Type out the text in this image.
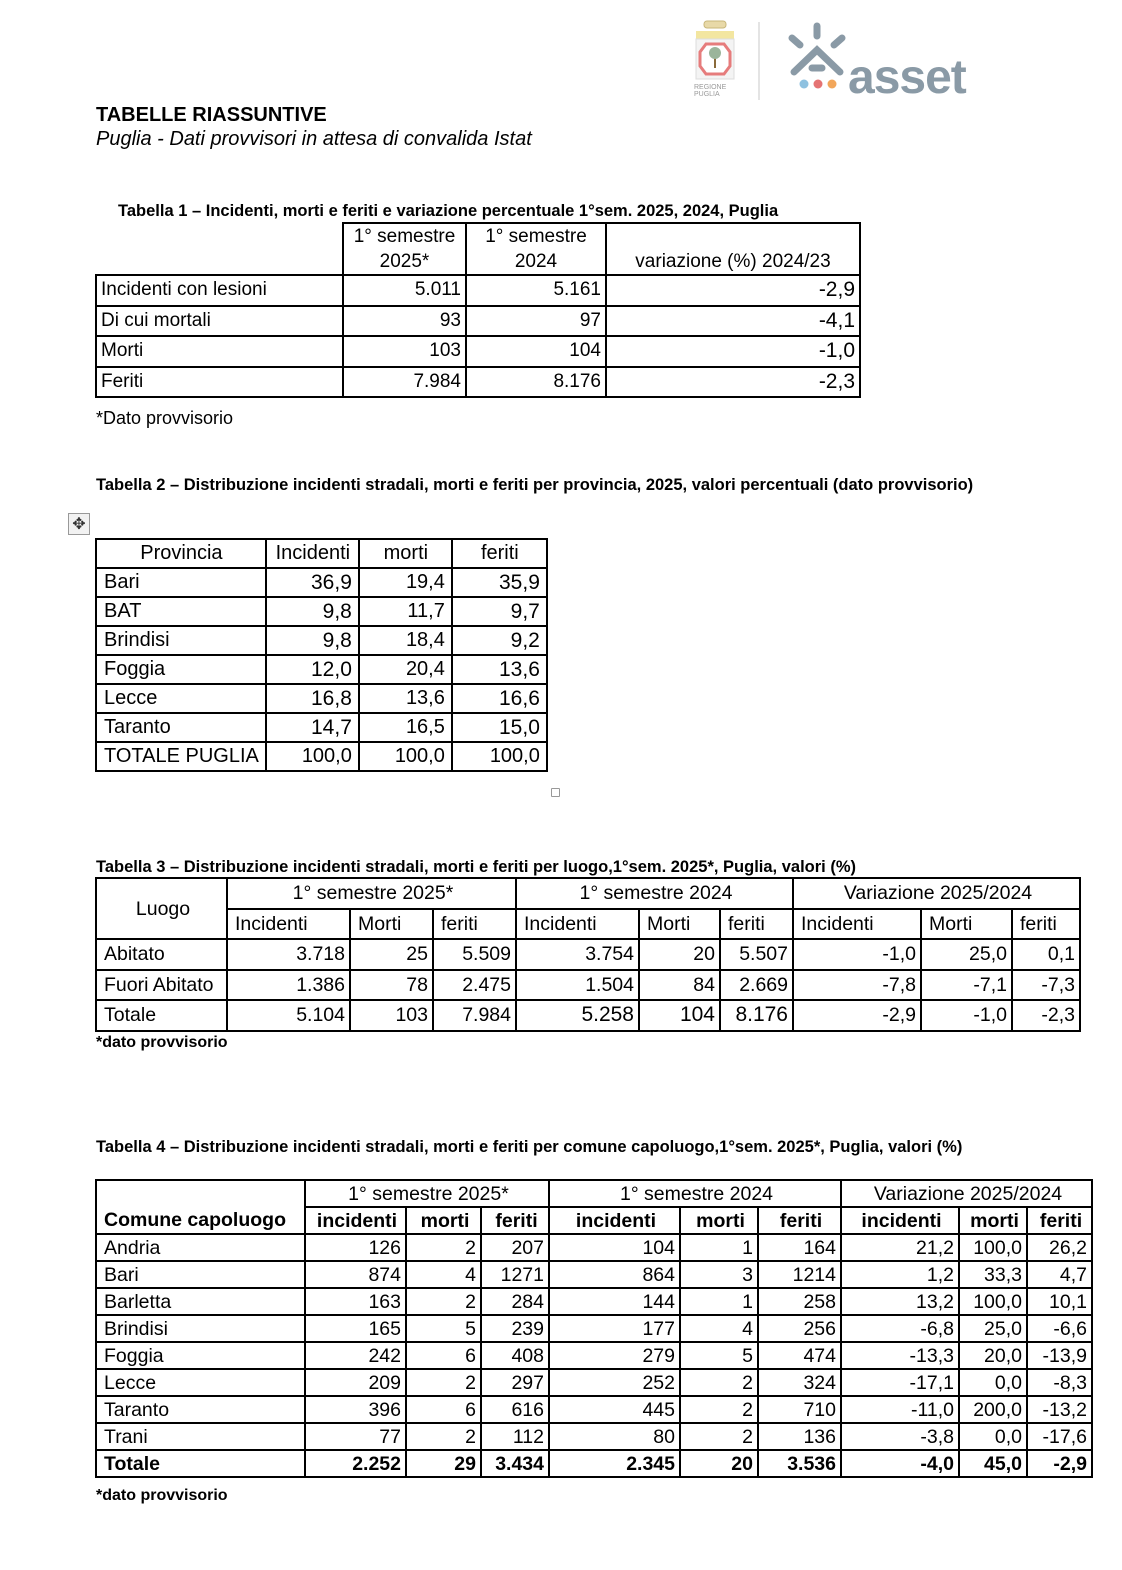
REGIONE
PUGLIA	asset
TABELLE RIASSUNTIVE
Puglia - Dati provvisori in attesa di convalida Istat
Tabella 1 – Incidenti, morti e feriti e variazione percentuale 1°sem. 2025, 2024, Puglia
	1° semestre	1° semestre	variazione (%) 2024/23
	2025*	2024	
Incidenti con lesioni	5.011	5.161	-2,9
Di cui mortali	93	97	-4,1
Morti	103	104	-1,0
Feriti	7.984	8.176	-2,3
*Dato provvisorio
Tabella 2 – Distribuzione incidenti stradali, morti e feriti per provincia, 2025, valori percentuali (dato provvisorio)
✥
Provincia	Incidenti	morti	feriti
Bari	36,9	19,4	35,9
BAT	9,8	11,7	9,7
Brindisi	9,8	18,4	9,2
Foggia	12,0	20,4	13,6
Lecce	16,8	13,6	16,6
Taranto	14,7	16,5	15,0
TOTALE PUGLIA	100,0	100,0	100,0
Tabella 3 – Distribuzione incidenti stradali, morti e feriti per luogo,1°sem. 2025*, Puglia, valori (%)
Luogo	1° semestre 2025*			1° semestre 2024			Variazione 2025/2024		
	Incidenti	Morti	feriti	Incidenti	Morti	feriti	Incidenti	Morti	feriti
Abitato	3.718	25	5.509	3.754	20	5.507	-1,0	25,0	0,1
Fuori Abitato	1.386	78	2.475	1.504	84	2.669	-7,8	-7,1	-7,3
Totale	5.104	103	7.984	5.258	104	8.176	-2,9	-1,0	-2,3
*dato provvisorio
Tabella 4 – Distribuzione incidenti stradali, morti e feriti per comune capoluogo,1°sem. 2025*, Puglia, valori (%)
	1° semestre 2025*			1° semestre 2024			Variazione 2025/2024		
Comune capoluogo	incidenti	morti	feriti	incidenti	morti	feriti	incidenti	morti	feriti
Andria	126	2	207	104	1	164	21,2	100,0	26,2
Bari	874	4	1271	864	3	1214	1,2	33,3	4,7
Barletta	163	2	284	144	1	258	13,2	100,0	10,1
Brindisi	165	5	239	177	4	256	-6,8	25,0	-6,6
Foggia	242	6	408	279	5	474	-13,3	20,0	-13,9
Lecce	209	2	297	252	2	324	-17,1	0,0	-8,3
Taranto	396	6	616	445	2	710	-11,0	200,0	-13,2
Trani	77	2	112	80	2	136	-3,8	0,0	-17,6
Totale	2.252	29	3.434	2.345	20	3.536	-4,0	45,0	-2,9
*dato provvisorio
